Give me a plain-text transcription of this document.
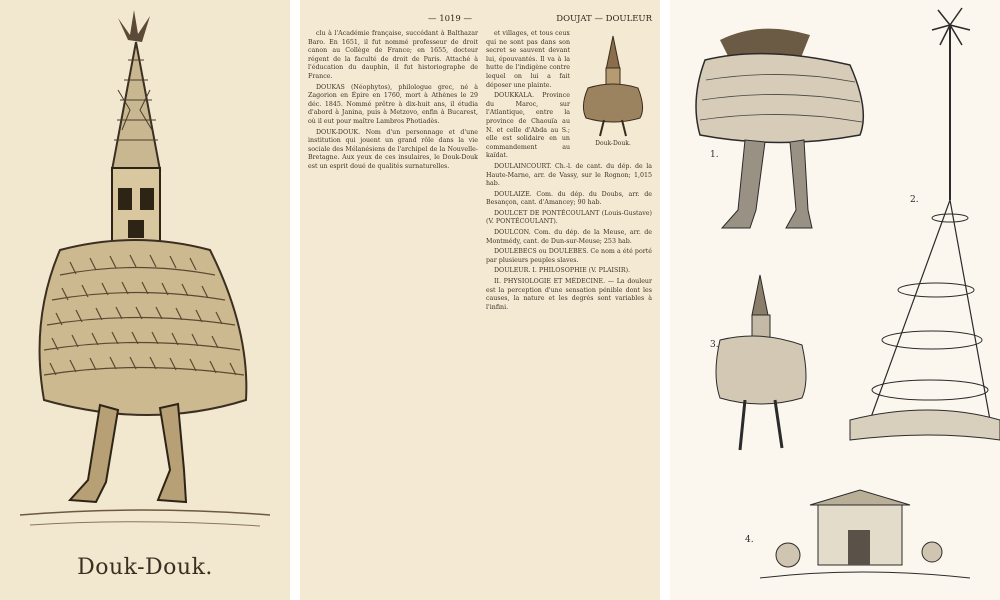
Douk-Douk.
— 1019 —	DOUJAT — DOULEUR

clu à l'Académie française, succédant à Balthazar Baro. En 1651, il fut nommé professeur de droit canon au Collège de France; en 1655, docteur régent de la faculté de droit de Paris. Attaché à l'éducation du dauphin, il fut historiographe de France.

DOUKAS (Néophytos), philologue grec, né à Zagorion en Épire en 1760, mort à Athènes le 29 déc. 1845. Nommé prêtre à dix-huit ans, il étudia d'abord à Janina, puis à Metzovo, enfin à Bucarest, où il eut pour maître Lambros Photiadès.

DOUK-DOUK. Nom d'un personnage et d'une institution qui jouent un grand rôle dans la vie sociale des Mélanésiens de l'archipel de la Nouvelle-Bretagne. Aux yeux de ces insulaires, le Douk-Douk est un esprit doué de qualités surnaturelles.

Douk-Douk.

et villages, et tous ceux qui ne sont pas dans son secret se sauvent devant lui, épouvantés. Il va à la hutte de l'indigène contre lequel on lui a fait déposer une plainte.

DOUKKALA. Province du Maroc, sur l'Atlantique, entre la province de Chaouïa au N. et celle d'Abda au S.; elle est solidaire en un commandement au kaïdat.

DOULAINCOURT. Ch.-l. de cant. du dép. de la Haute-Marne, arr. de Vassy, sur le Rognon; 1,015 hab.

DOULAIZE. Com. du dép. du Doubs, arr. de Besançon, cant. d'Amancey; 90 hab.

DOULCET DE PONTÉCOULANT (Louis-Gustave) (V. PONTÉCOULANT).

DOULCON. Com. du dép. de la Meuse, arr. de Montmédy, cant. de Dun-sur-Meuse; 253 hab.

DOULEBECS ou DOULEBES. Ce nom a été porté par plusieurs peuples slaves.

DOULEUR. I. PHILOSOPHIE (V. PLAISIR).

II. PHYSIOLOGIE ET MÉDECINE. — La douleur est la perception d'une sensation pénible dont les causes, la nature et les degrés sont variables à l'infini.

1.
2.
3.
4.
